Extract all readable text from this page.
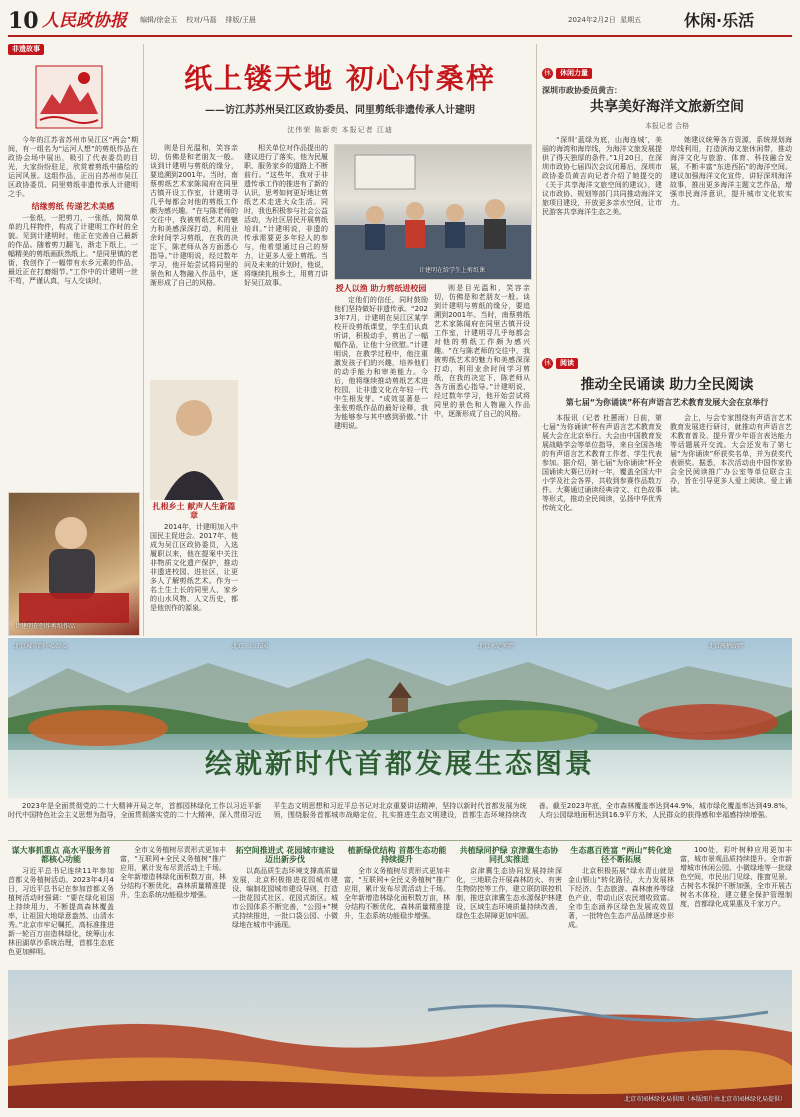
10 人民政协报 编辑/徐金玉 校对/马磊 排版/王晨	2024年2月2日 星期五	休闲·乐活
非遗故事

今年的江苏省苏州市吴江区“两会”期间，有一组名为“运河人想”的剪纸作品在政协会场中展出，吸引了代表委员的目光，大家纷纷驻足，欣赏着剪纸中描绘的运河风景。这组作品，正出自苏州市吴江区政协委员、同里剪纸非遗传承人计建明之手。

结缘剪纸 传递艺术美感

一张纸，一把剪刀，一张纸，简简单单的几样物件，构成了计建明工作时的全貌。见到计建明时，他正在完善自己最新的作品。随着剪刀翻飞，渐走下纸上，一幅精美的剪纸画跃然纸上。“是同里镇的老街，我创作了一幅带有水乡元素的作品，最近正在打磨细节。”工作中的计建明一丝不苟，严谨认真，与人交谈时，

计建明在创作剪纸作品
纸上镂天地 初心付桑梓
——访江苏苏州吴江区政协委员、同里剪纸非遗传承人计建明
沈伟荣 陈新奕 本报记者 江迪

则是目光温和，笑容亲切，仿佛是和老朋友一般。谈到计建明与剪纸的缘分，要追溯到2001年。当时，南蔡剪纸艺术家陈闻府在同里古镇开设工作室，计建明寻几乎每都会对他的剪纸工作颇为感兴趣。“在与陈老师的交往中，我被剪纸艺术的魅力和美感深深打动，利用业余时间学习剪纸，在我的决定下，陈老师从各方面悉心指导。”计建明说，经过数年学习，他开始尝试将同里的景色和人物融入作品中，逐渐形成了自己的风格。

扎根乡土 献声人生新篇章

2014年，计建明加入中国民主促进会。2017年，他成为吴江区政协委员，入选履职以来，他在提案中关注非物质文化遗产保护，推动非遗进校园、进社区，让更多人了解剪纸艺术。作为一名土生土长的同里人，家乡的山水风物、人文历史，都是他创作的源泉。

相关单位对作品提出的建议进行了落实，他为民履职，服务家乡的道路上不断前行。“这些年，我对于非遗传承工作的推进有了新的认识，思考如何更好地让剪纸艺术走进大众生活。同时，我也积极参与社会公益活动，为社区居民开展剪纸培训。”计建明说，非遗的传承需要更多年轻人的参与，他希望通过自己的努力，让更多人爱上剪纸。当问及未来的计划时，他说，将继续扎根乡土，用剪刀讲好吴江故事。

计建明在给学生上剪纸课

授人以渔 助力剪纸进校园

定他们的信任，同时鼓励他们坚持做好非遗传承。“2023年7月，计建明在吴江区某学校开设剪纸课堂，学生们认真听讲，积极动手，剪出了一幅幅作品，让他十分欣慰。”计建明说，在教学过程中，他注重激发孩子们的兴趣，培养他们的动手能力和审美能力。今后，他将继续推动剪纸艺术进校园，让非遗文化在年轻一代中生根发芽。“成效显著是一张张剪纸作品的最好诠释，我为能够参与其中感到骄傲。”计建明说。

则是目光温和，笑容亲切，仿佛是和老朋友一般。谈到计建明与剪纸的缘分，要追溯到2001年。当时，南蔡剪纸艺术家陈闻府在同里古镇开设工作室，计建明寻几乎每都会对他的剪纸工作颇为感兴趣。“在与陈老师的交往中，我被剪纸艺术的魅力和美感深深打动，利用业余时间学习剪纸，在我的决定下，陈老师从各方面悉心指导。”计建明说，经过数年学习，他开始尝试将同里的景色和人物融入作品中，逐渐形成了自己的风格。

休 休闲力量
深圳市政协委员黄吉：
共享美好海洋文旅新空间
本报记者 合格

“深圳‘蓝绿为底，山海连城’，美丽的海湾和海岸线，为海洋文旅发展提供了得天独厚的条件。”1月20日，在深圳市政协七届四次会议闭幕后，深圳市政协委员黄吉向记者介绍了她提交的《关于共享海洋文旅空间的建议》，建议市政协、规划等部门共同推动海洋文旅项目建设，开放更多亲水空间，让市民游客共享海洋生态之美。

她建议统筹各方资源，系统规划海岸线利用，打造滨海文旅休闲带，推动海洋文化与旅游、体育、科技融合发展，不断丰富“东进西拓”的海洋空间。建议加强海洋文化宣传，讲好深圳海洋故事，推出更多海洋主题文艺作品，增强市民海洋意识，提升城市文化软实力。

休 阅读
推动全民诵读 助力全民阅读
第七届“为你诵读”杯有声语言艺术教育发展大会在京举行

本报讯（记者 杜蕙雨）日前，第七届“为你诵读”杯有声语言艺术教育发展大会在北京举行。大会由中国教育发展战略学会等单位指导，来自全国各地的有声语言艺术教育工作者、学生代表参加。据介绍，第七届“为你诵读”杯全国诵读大赛已历时一年，覆盖全国大中小学及社会各界，共收到参赛作品数万件。大赛通过诵读经典诗文、红色故事等形式，推动全民阅读，弘扬中华优秀传统文化。

会上，与会专家围绕有声语言艺术教育发展进行研讨，就推动有声语言艺术教育普及、提升青少年语言表达能力等话题展开交流。大会还发布了第七届“为你诵读”杯获奖名单，并为获奖代表颁奖。据悉，本次活动由中国作家协会全民阅读推广办公室等单位联合主办，旨在引导更多人爱上阅读、爱上诵读。

北京城市副中心绿心	北京三山五园	北京永定河畔	北京雁栖湖畔
绘就新时代首都发展生态图景

2023年是全面贯彻党的二十大精神开局之年，首都园林绿化工作以习近平新时代中国特色社会主义思想为指导，全面贯彻落实党的二十大精神，深入贯彻习近平生态文明思想和习近平总书记对北京重要讲话精神，坚持以新时代首都发展为统领，围绕服务首都城市战略定位，扎实推进生态文明建设，首都生态环境持续改善。截至2023年底，全市森林覆盖率达到44.9%，城市绿化覆盖率达到49.8%，人均公园绿地面积达到16.9平方米，人民群众的获得感和幸福感持续增强。

谋大事抓重点 高水平服务首都核心功能

习近平总书记连续11年参加首都义务植树活动。2023年4月4日，习近平总书记在参加首都义务植树活动时强调：“要在绿化祖国上持续用力，不断提高森林覆盖率，让祖国大地绿意盎然、山清水秀。”北京市牢记嘱托，高标准推进新一轮百万亩造林绿化，统筹山水林田湖草沙系统治理，首都生态底色更加鲜明。

全市义务植树尽责形式更加丰富，“互联网+全民义务植树”推广应用，累计发布尽责活动上千场。全年新增造林绿化面积数万亩，林分结构不断优化，森林质量精准提升，生态系统功能稳步增强。

拓空间推进式 花园城市建设迈出新步伐

以高品质生态环境支撑高质量发展，北京积极推进花园城市建设，编制花园城市建设导则，打造一批花园式社区、花园式街区。城市公园体系不断完善，“公园+”模式持续推进，一批口袋公园、小微绿地在城市中涌现。

植新绿优结构 首都生态功能持续提升

全市义务植树尽责形式更加丰富，“互联网+全民义务植树”推广应用，累计发布尽责活动上千场。全年新增造林绿化面积数万亩，林分结构不断优化，森林质量精准提升，生态系统功能稳步增强。

共植绿同护绿 京津冀生态协同扎实推进

京津冀生态协同发展持续深化，三地联合开展森林防火、有害生物防控等工作，建立联防联控机制，推进京津冀生态水源保护林建设，区域生态环境质量持续改善，绿色生态屏障更加牢固。

生态惠百姓富 “两山”转化途径不断拓展

北京积极拓展“绿水青山就是金山银山”转化路径，大力发展林下经济、生态旅游、森林康养等绿色产业，带动山区农民增收致富。全市生态涵养区绿色发展成效显著，一批特色生态产品品牌逐步形成。

100处，彩叶树种应用更加丰富，城市景观品质持续提升。全市新增城市休闲公园、小微绿地等一批绿色空间，市民出门见绿、推窗见景。古树名木保护不断加强，全市开展古树名木体检，建立健全保护管理制度，首都绿化成果惠及千家万户。

北京市园林绿化局供图（本版图片由北京市园林绿化局提供）
